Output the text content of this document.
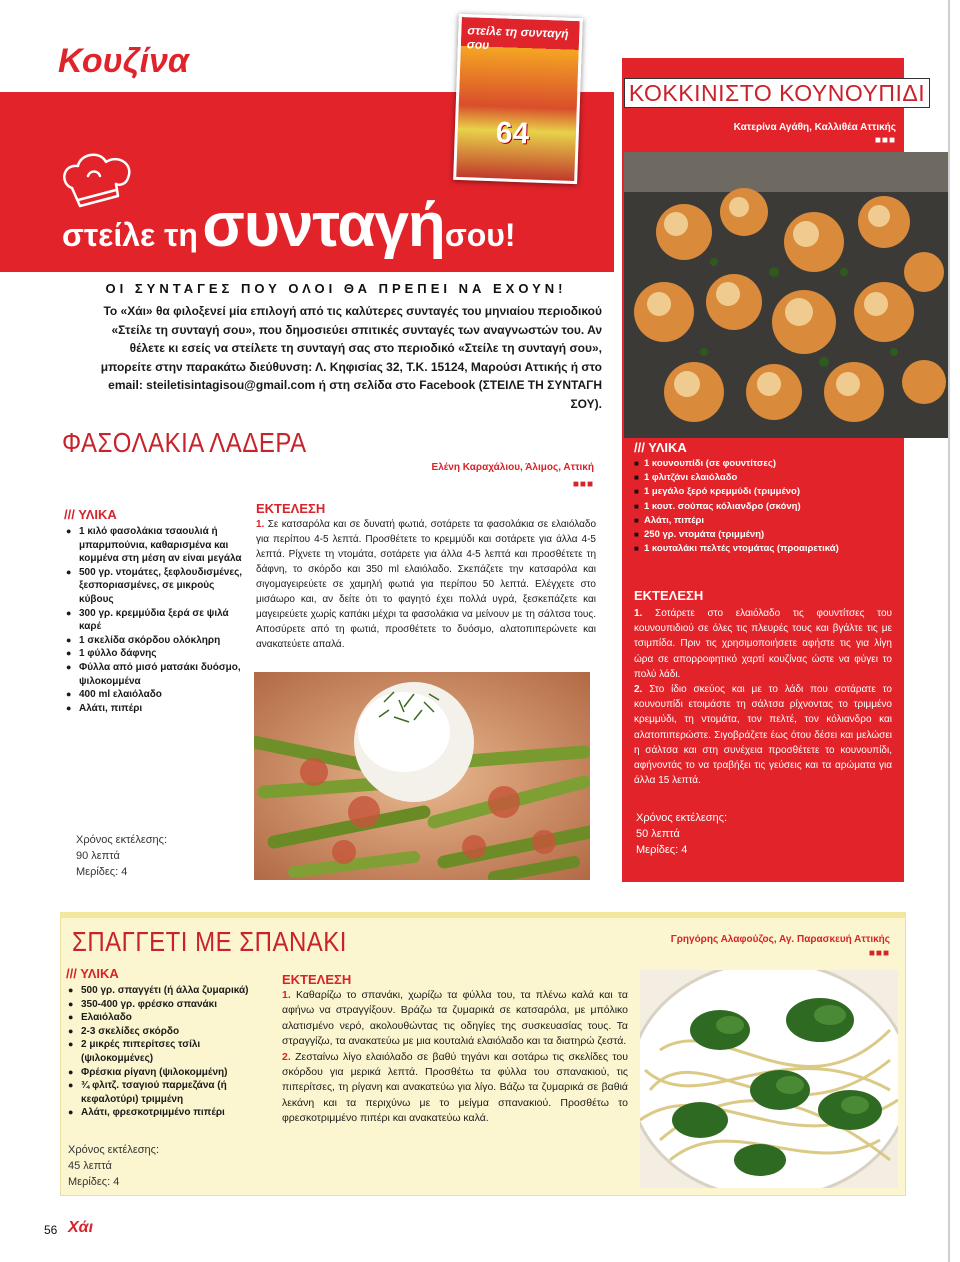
Κουζίνα
στείλε τη συνταγήσου!
στείλε τη συνταγή σου
64
ΟΙ ΣΥΝΤΑΓΕΣ ΠΟΥ ΟΛΟΙ ΘΑ ΠΡΕΠΕΙ ΝΑ ΕΧΟΥΝ!
Το «Χάι» θα φιλοξενεί μία επιλογή από τις καλύτερες συνταγές του μηνιαίου περιοδικού «Στείλε τη συνταγή σου», που δημοσιεύει σπιτικές συνταγές των αναγνωστών του. Αν θέλετε κι εσείς να στείλετε τη συνταγή σας στο περιοδικό «Στείλε τη συνταγή σου», μπορείτε στην παρακάτω διεύθυνση: Λ. Κηφισίας 32, Τ.Κ. 15124, Μαρούσι Αττικής ή στο email: steiletisintagisou@gmail.com ή στη σελίδα στο Facebook (ΣΤΕΙΛΕ ΤΗ ΣΥΝΤΑΓΗ ΣΟΥ).
ΦΑΣΟΛΑΚΙΑ ΛΑΔΕΡΑ
Ελένη Καραχάλιου, Άλιμος, Αττική
■■■
/// ΥΛΙΚΑ
● 1 κιλό φασολάκια τσαουλιά ή μπαρμπούνια, καθαρισμένα και κομμένα στη μέση αν είναι μεγάλα
● 500 γρ. ντομάτες, ξεφλουδισμένες, ξεσποριασμένες, σε μικρούς κύβους
● 300 γρ. κρεμμύδια ξερά σε ψιλά καρέ
● 1 σκελίδα σκόρδου ολόκληρη
● 1 φύλλο δάφνης
● Φύλλα από μισό ματσάκι δυόσμο, ψιλοκομμένα
● 400 ml ελαιόλαδο
● Αλάτι, πιπέρι
ΕΚΤΕΛΕΣΗ
1. Σε κατσαρόλα και σε δυνατή φωτιά, σοτάρετε τα φασολάκια σε ελαιόλαδο για περίπου 4-5 λεπτά. Προσθέτετε το κρεμμύδι και σοτάρετε για άλλα 4-5 λεπτά. Ρίχνετε τη ντομάτα, σοτάρετε για άλλα 4-5 λεπτά και προσθέτετε τη δάφνη, το σκόρδο και 350 ml ελαιόλαδο. Σκεπάζετε την κατσαρόλα και σιγομαγειρεύετε σε χαμηλή φωτιά για περίπου 50 λεπτά. Ελέγχετε στο μισάωρο και, αν δείτε ότι το φαγητό έχει πολλά υγρά, ξεσκεπάζετε και μαγειρεύετε χωρίς καπάκι μέχρι τα φασολάκια να μείνουν με τη σάλτσα τους. Αποσύρετε από τη φωτιά, προσθέτετε το δυόσμο, αλατοπιπερώνετε και ανακατεύετε απαλά.
Χρόνος εκτέλεσης:
90 λεπτά
Μερίδες: 4
ΚΟΚΚΙΝΙΣΤΟ ΚΟΥΝΟΥΠΙΔΙ
Κατερίνα Αγάθη, Καλλιθέα Αττικής
■■■
/// ΥΛΙΚΑ
■ 1 κουνουπίδι (σε φουντίτσες)
■ 1 φλιτζάνι ελαιόλαδο
■ 1 μεγάλο ξερό κρεμμύδι (τριμμένο)
■ 1 κουτ. σούπας κόλιανδρο (σκόνη)
■ Αλάτι, πιπέρι
■ 250 γρ. ντομάτα (τριμμένη)
■ 1 κουταλάκι πελτές ντομάτας (προαιρετικά)
ΕΚΤΕΛΕΣΗ
1. Σοτάρετε στο ελαιόλαδο τις φουντίτσες του κουνουπιδιού σε όλες τις πλευρές τους και βγάλτε τις με τσιμπίδα. Πριν τις χρησιμοποιήσετε αφήστε τις για λίγη ώρα σε απορροφητικό χαρτί κουζίνας ώστε να φύγει το πολύ λάδι.
2. Στο ίδιο σκεύος και με το λάδι που σοτάρατε το κουνουπίδι ετοιμάστε τη σάλτσα ρίχνοντας το τριμμένο κρεμμύδι, τη ντομάτα, τον πελτέ, τον κόλιανδρο και αλατοπιπερώστε. Σιγοβράζετε έως ότου δέσει και μελώσει η σάλτσα και στη συνέχεια προσθέτετε το κουνουπίδι, αφήνοντάς το να τραβήξει τις γεύσεις και τα αρώματα για άλλα 15 λεπτά.
Χρόνος εκτέλεσης:
50 λεπτά
Μερίδες: 4
ΣΠΑΓΓΕΤΙ ΜΕ ΣΠΑΝΑΚΙ	Γρηγόρης Αλαφούζος, Αγ. Παρασκευή Αττικής
■■■
/// ΥΛΙΚΑ
● 500 γρ. σπαγγέτι (ή άλλα ζυμαρικά)
● 350-400 γρ. φρέσκο σπανάκι
● Ελαιόλαδο
● 2-3 σκελίδες σκόρδο
● 2 μικρές πιπερίτσες τσίλι (ψιλοκομμένες)
● Φρέσκια ρίγανη (ψιλοκομμένη)
● ¾ φλιτζ. τσαγιού παρμεζάνα (ή κεφαλοτύρι) τριμμένη
● Αλάτι, φρεσκοτριμμένο πιπέρι
ΕΚΤΕΛΕΣΗ
1. Καθαρίζω το σπανάκι, χωρίζω τα φύλλα του, τα πλένω καλά και τα αφήνω να στραγγίξουν. Βράζω τα ζυμαρικά σε κατσαρόλα, με μπόλικο αλατισμένο νερό, ακολουθώντας τις οδηγίες της συσκευασίας τους. Τα στραγγίζω, τα ανακατεύω με μια κουταλιά ελαιόλαδο και τα διατηρώ ζεστά.
2. Ζεσταίνω λίγο ελαιόλαδο σε βαθύ τηγάνι και σοτάρω τις σκελίδες του σκόρδου για μερικά λεπτά. Προσθέτω τα φύλλα του σπανακιού, τις πιπερίτσες, τη ρίγανη και ανακατεύω για λίγο. Βάζω τα ζυμαρικά σε βαθιά λεκάνη και τα περιχύνω με το μείγμα σπανακιού. Προσθέτω το φρεσκοτριμμένο πιπέρι και ανακατεύω καλά.
Χρόνος εκτέλεσης:
45 λεπτά
Μερίδες: 4
56 Χάι
